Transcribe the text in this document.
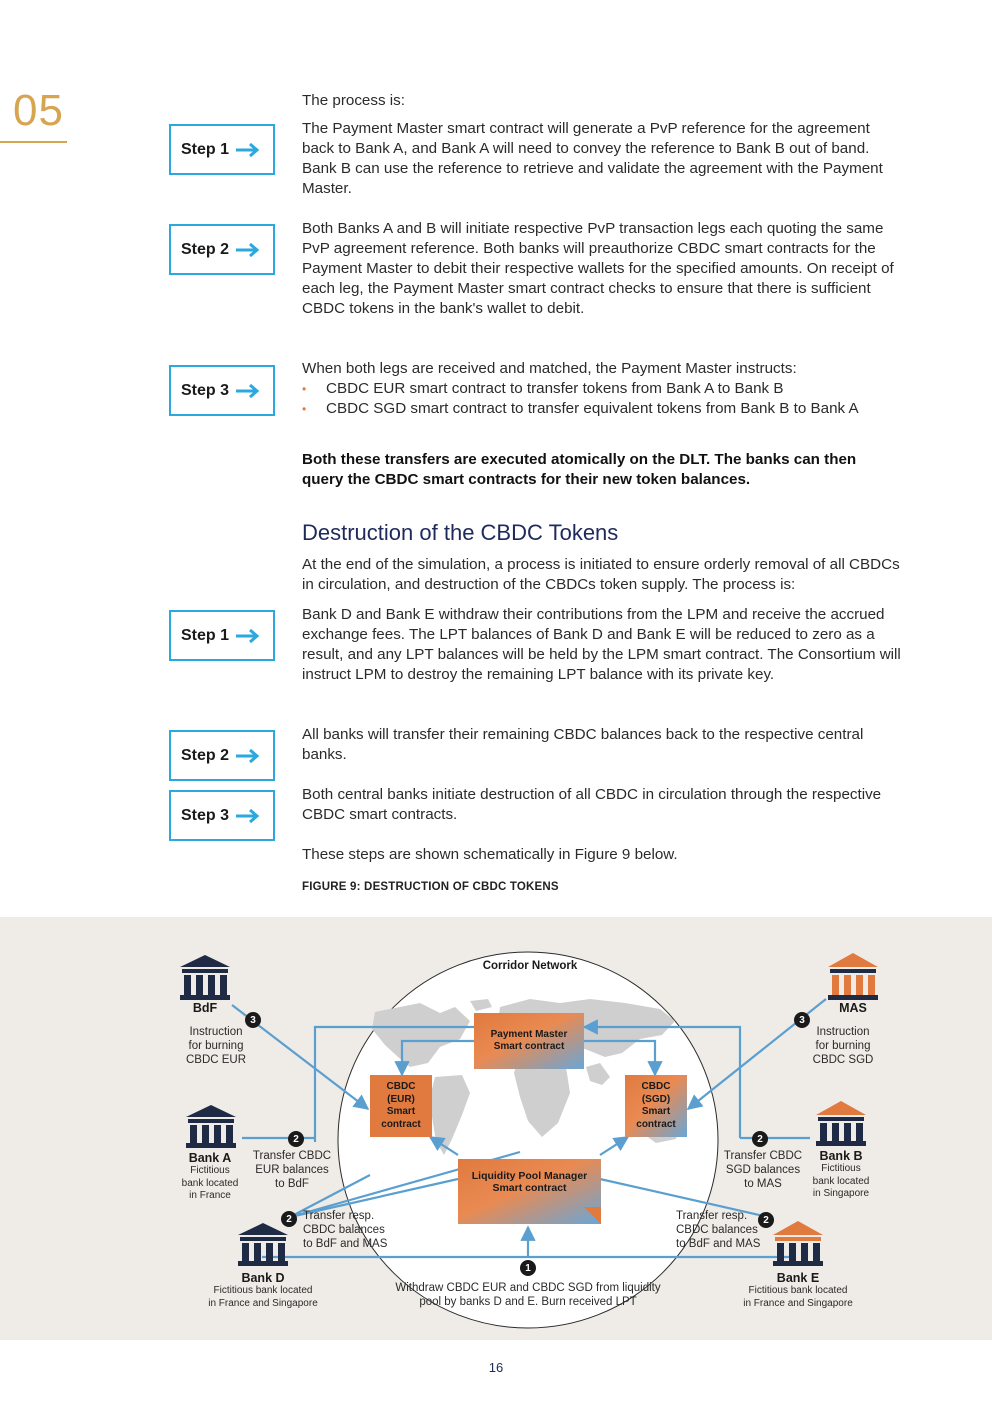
05	The process is:
Step 1
The Payment Master smart contract will generate a PvP reference for the agreement back to Bank A, and Bank A will need to convey the reference to Bank B out of band. Bank B can use the reference to retrieve and validate the agreement with the Payment Master.
Step 2
Both Banks A and B will initiate respective PvP transaction legs each quoting the same PvP agreement reference. Both banks will preauthorize CBDC smart contracts for the Payment Master to debit their respective wallets for the specified amounts. On receipt of each leg, the Payment Master smart contract checks to ensure that there is sufficient CBDC tokens in the bank's wallet to debit.
Step 3
When both legs are received and matched, the Payment Master instructs:
• CBDC EUR smart contract to transfer tokens from Bank A to Bank B
• CBDC SGD smart contract to transfer equivalent tokens from Bank B to Bank A
Both these transfers are executed atomically on the DLT. The banks can then query the CBDC smart contracts for their new token balances.
Destruction of the CBDC Tokens
At the end of the simulation, a process is initiated to ensure orderly removal of all CBDCs in circulation, and destruction of the CBDCs token supply. The process is:
Step 1
Bank D and Bank E withdraw their contributions from the LPM and receive the accrued exchange fees. The LPT balances of Bank D and Bank E will be reduced to zero as a result, and any LPT balances will be held by the LPM smart contract. The Consortium will instruct LPM to destroy the remaining LPT balance with its private key.
Step 2
All banks will transfer their remaining CBDC balances back to the respective central banks.
Step 3
Both central banks initiate destruction of all CBDC in circulation through the respective CBDC smart contracts.
These steps are shown schematically in Figure 9 below.
FIGURE 9: DESTRUCTION OF CBDC TOKENS
Corridor Network
Payment Master
Smart contract
CBDC
(EUR)
Smart
contract
CBDC
(SGD)
Smart
contract
Liquidity Pool Manager
Smart contract
BdF
Instruction
for burning
CBDC EUR
3
MAS
Instruction
for burning
CBDC SGD
3
Bank A
Fictitious
bank located
in France
Transfer CBDC
EUR balances
to BdF
2
Bank B
Fictitious
bank located
in Singapore
Transfer CBDC
SGD balances
to MAS
2
Bank D
Fictitious bank located
in France and Singapore
Transfer resp.
CBDC balances
to BdF and MAS
2
Bank E
Fictitious bank located
in France and Singapore
Transfer resp.
CBDC balances
to BdF and MAS
2
1
Withdraw CBDC EUR and CBDC SGD from liquidity
pool by banks D and E. Burn received LPT
16
